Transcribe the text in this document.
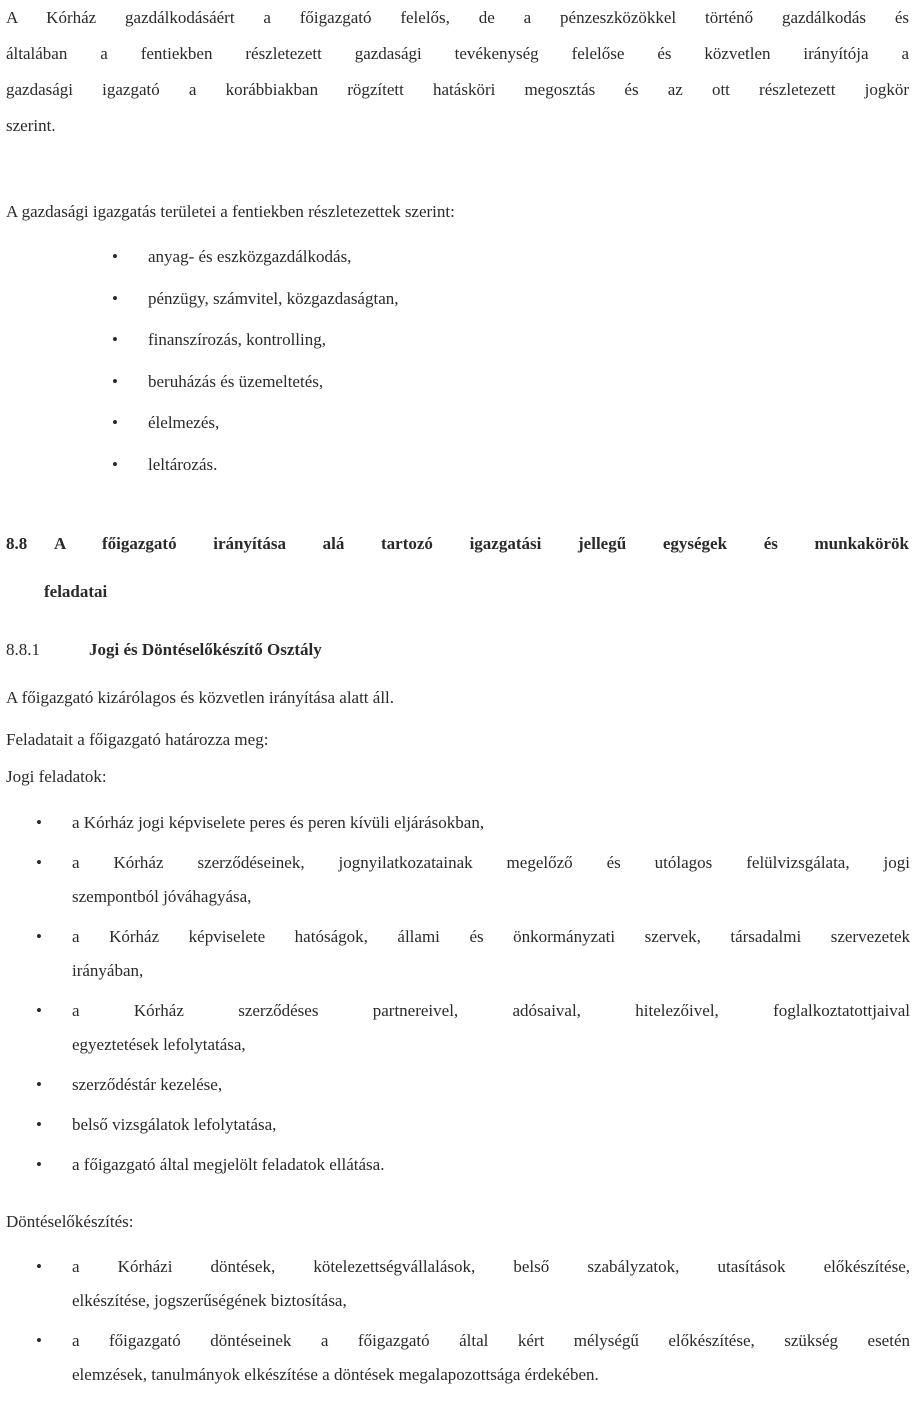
A Kórház gazdálkodásáért a főigazgató felelős, de a pénzeszközökkel történő gazdálkodás és

általában a fentiekben részletezett gazdasági tevékenység felelőse és közvetlen irányítója a

gazdasági igazgató a korábbiakban rögzített hatásköri megosztás és az ott részletezett jogkör

szerint.

A gazdasági igazgatás területei a fentiekben részletezettek szerint:

• anyag- és eszközgazdálkodás,
• pénzügy, számvitel, közgazdaságtan,
• finanszírozás, kontrolling,
• beruházás és üzemeltetés,
• élelmezés,
• leltározás.
8.8	A főigazgató irányítása alá tartozó igazgatási jellegű egységek és munkakörök
feladatai
8.8.1	Jogi és Döntéselőkészítő Osztály

A főigazgató kizárólagos és közvetlen irányítása alatt áll.

Feladatait a főigazgató határozza meg:

Jogi feladatok:

• a Kórház jogi képviselete peres és peren kívüli eljárásokban,
• a Kórház szerződéseinek, jognyilatkozatainak megelőző és utólagos felülvizsgálata, jogi
szempontból jóváhagyása,
• a Kórház képviselete hatóságok, állami és önkormányzati szervek, társadalmi szervezetek
irányában,
• a Kórház szerződéses partnereivel, adósaival, hitelezőivel, foglalkoztatottjaival
egyeztetések lefolytatása,
• szerződéstár kezelése,
• belső vizsgálatok lefolytatása,
• a főigazgató által megjelölt feladatok ellátása.

Döntéselőkészítés:

• a Kórházi döntések, kötelezettségvállalások, belső szabályzatok, utasítások előkészítése,
elkészítése, jogszerűségének biztosítása,
• a főigazgató döntéseinek a főigazgató által kért mélységű előkészítése, szükség esetén
elemzések, tanulmányok elkészítése a döntések megalapozottsága érdekében.
